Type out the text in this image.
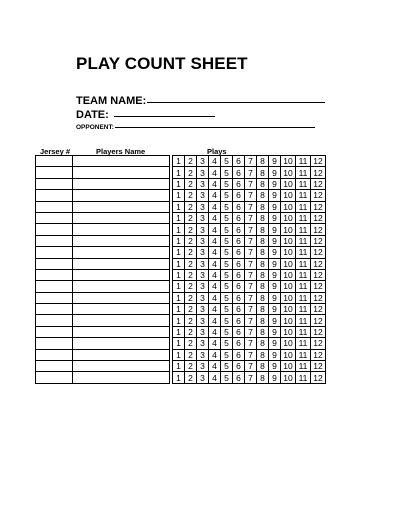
PLAY COUNT SHEET
TEAM NAME:
DATE:
OPPONENT:
Jersey #	Players Name	Plays
			1	2	3	4	5	6	7	8	9	10	11	12
			1	2	3	4	5	6	7	8	9	10	11	12
			1	2	3	4	5	6	7	8	9	10	11	12
			1	2	3	4	5	6	7	8	9	10	11	12
			1	2	3	4	5	6	7	8	9	10	11	12
			1	2	3	4	5	6	7	8	9	10	11	12
			1	2	3	4	5	6	7	8	9	10	11	12
			1	2	3	4	5	6	7	8	9	10	11	12
			1	2	3	4	5	6	7	8	9	10	11	12
			1	2	3	4	5	6	7	8	9	10	11	12
			1	2	3	4	5	6	7	8	9	10	11	12
			1	2	3	4	5	6	7	8	9	10	11	12
			1	2	3	4	5	6	7	8	9	10	11	12
			1	2	3	4	5	6	7	8	9	10	11	12
			1	2	3	4	5	6	7	8	9	10	11	12
			1	2	3	4	5	6	7	8	9	10	11	12
			1	2	3	4	5	6	7	8	9	10	11	12
			1	2	3	4	5	6	7	8	9	10	11	12
			1	2	3	4	5	6	7	8	9	10	11	12
			1	2	3	4	5	6	7	8	9	10	11	12
